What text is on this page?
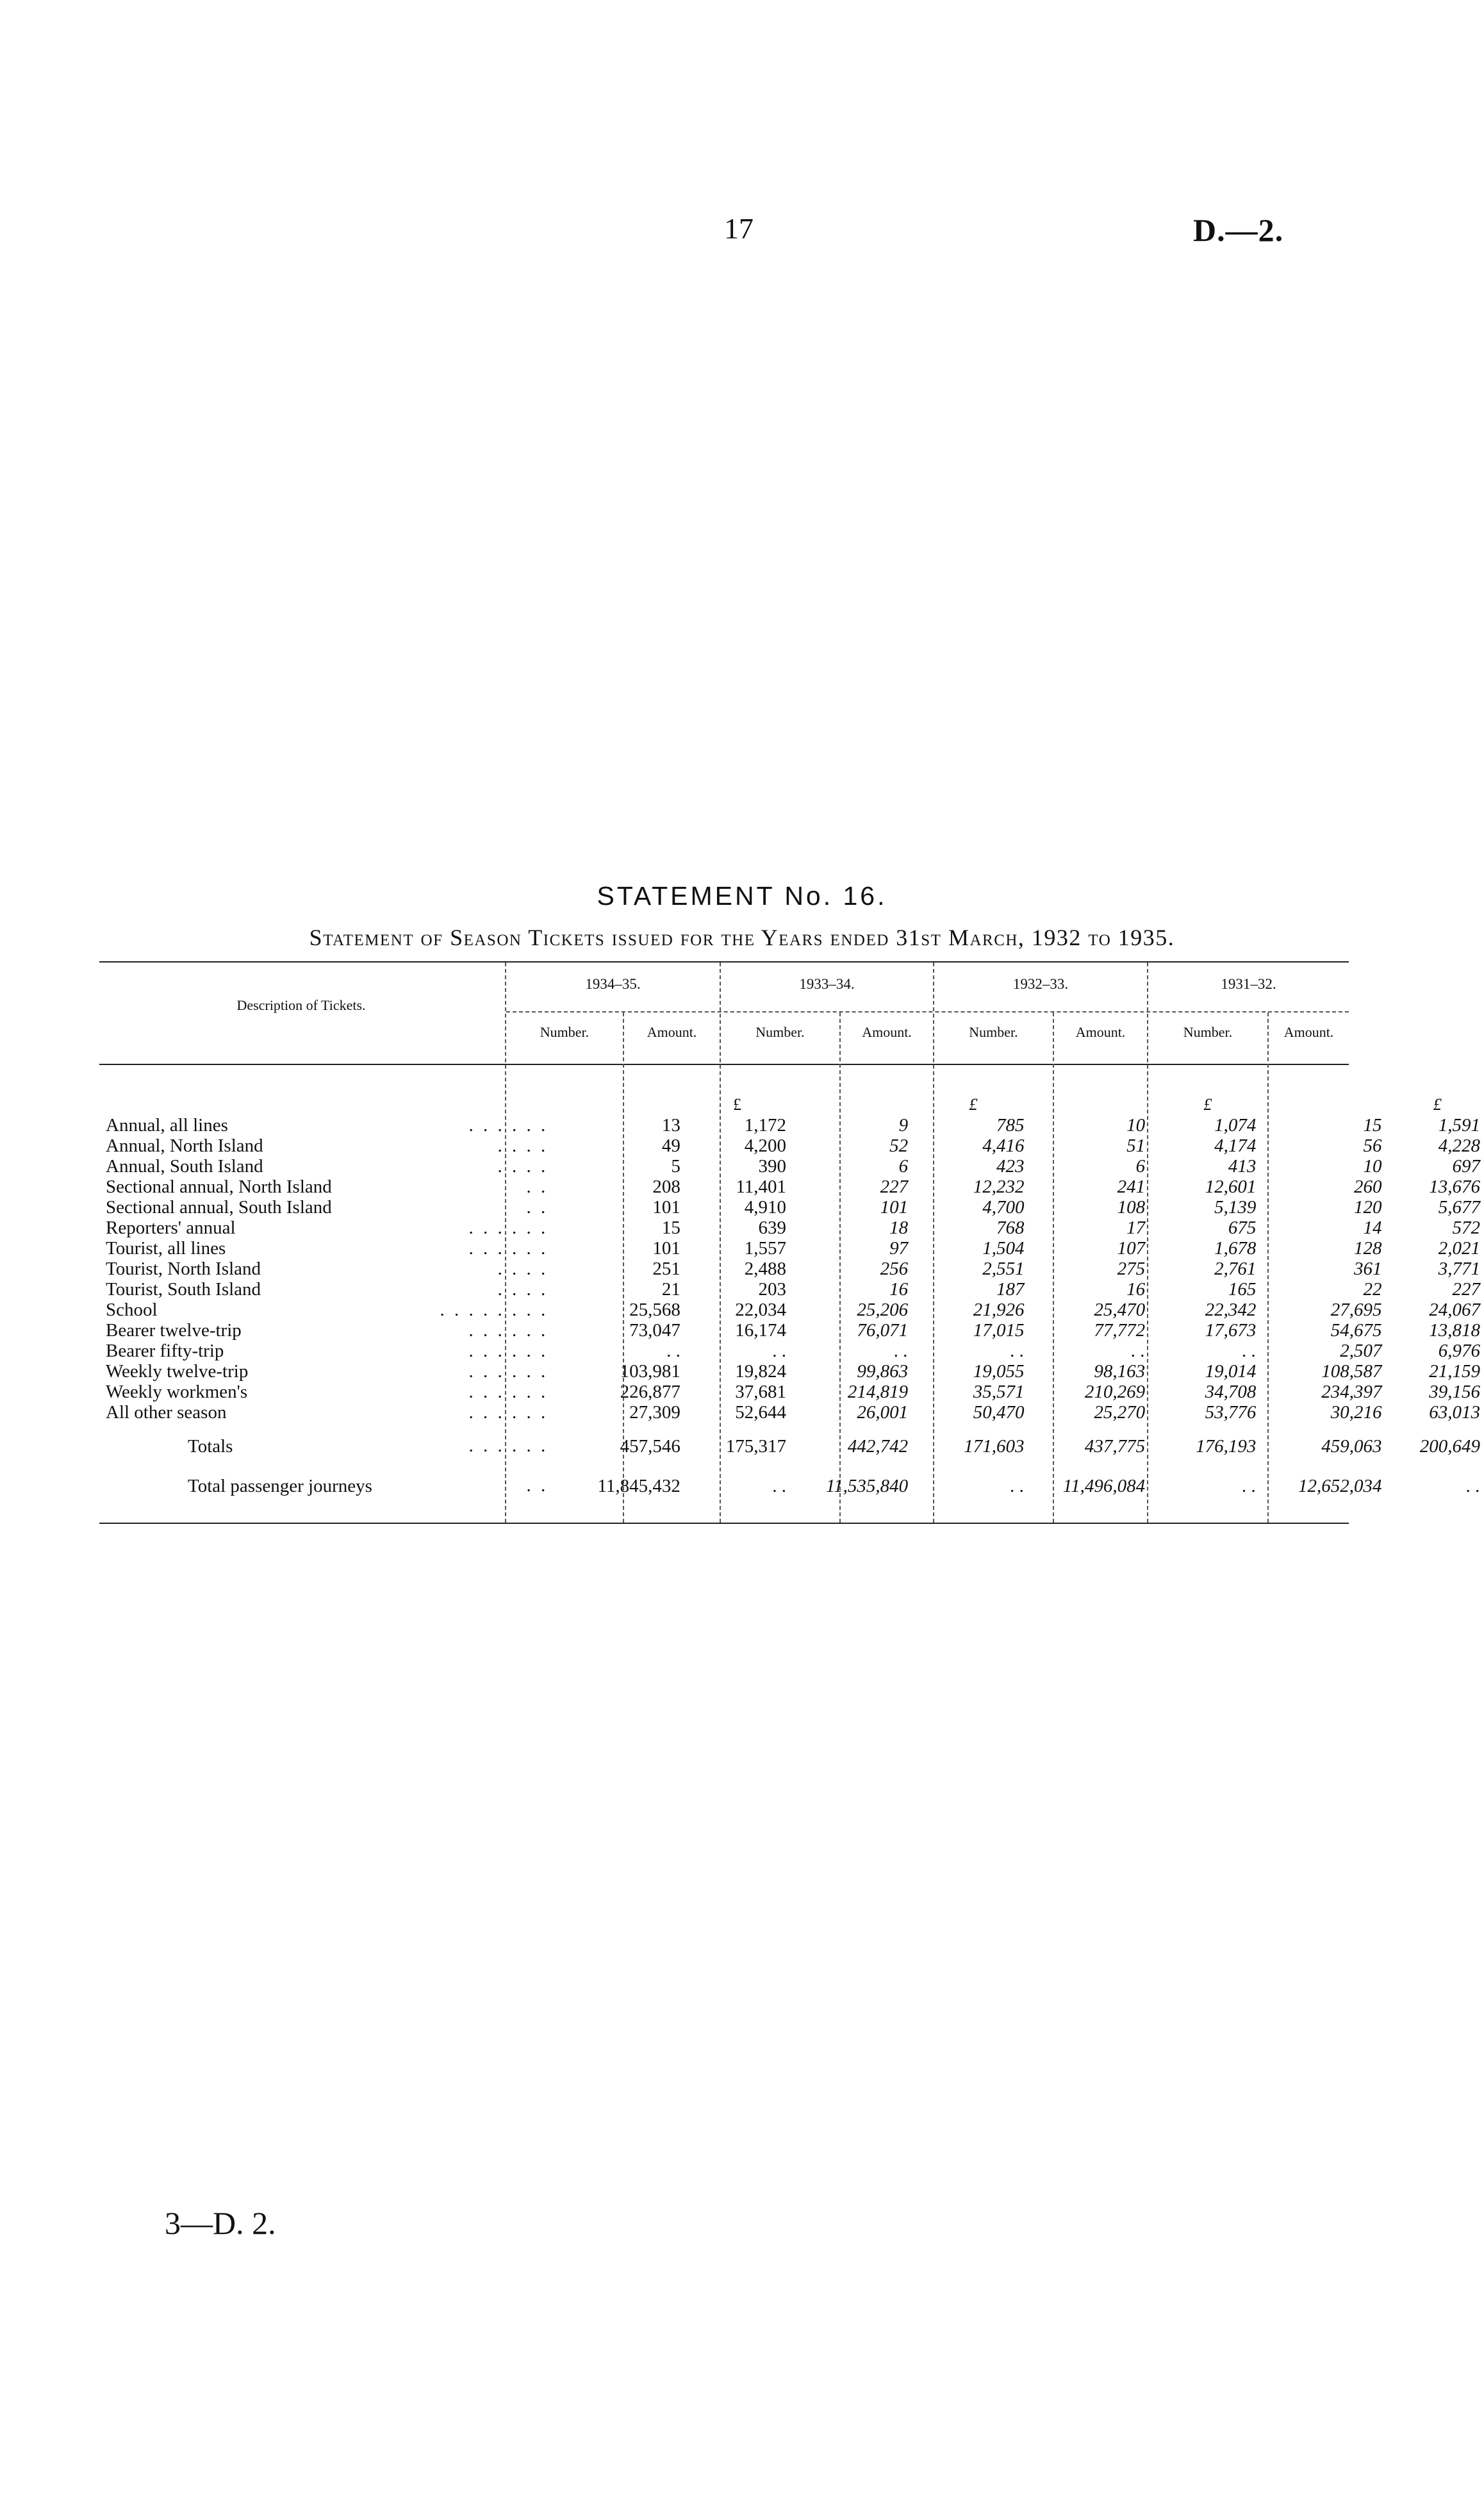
17	D.—2.
STATEMENT No. 16.
Statement of Season Tickets issued for the Years ended 31st March, 1932 to 1935.
Description of Tickets.
1934–35.	1933–34.	1932–33.	1931–32.
Number.	Amount.	Number.	Amount.	Number.	Amount.	Number.	Amount.
		£		£		£		£
Annual, all lines . . . . . .	13	1,172	9	785	10	1,074	15	1,591
Annual, North Island . . . .	49	4,200	52	4,416	51	4,174	56	4,228
Annual, South Island . . . .	5	390	6	423	6	413	10	697
Sectional annual, North Island . .	208	11,401	227	12,232	241	12,601	260	13,676
Sectional annual, South Island . .	101	4,910	101	4,700	108	5,139	120	5,677
Reporters' annual . . . . . .	15	639	18	768	17	675	14	572
Tourist, all lines . . . . . .	101	1,557	97	1,504	107	1,678	128	2,021
Tourist, North Island . . . .	251	2,488	256	2,551	275	2,761	361	3,771
Tourist, South Island . . . .	21	203	16	187	16	165	22	227
School . . . . . . . .	25,568	22,034	25,206	21,926	25,470	22,342	27,695	24,067
Bearer twelve-trip . . . . . .	73,047	16,174	76,071	17,015	77,772	17,673	54,675	13,818
Bearer fifty-trip . . . . . .	. .	. .	. .	. .	. .	. .	2,507	6,976
Weekly twelve-trip . . . . . .	103,981	19,824	99,863	19,055	98,163	19,014	108,587	21,159
Weekly workmen's . . . . . .	226,877	37,681	214,819	35,571	210,269	34,708	234,397	39,156
All other season . . . . . .	27,309	52,644	26,001	50,470	25,270	53,776	30,216	63,013

Totals . . . . . .	457,546	175,317	442,742	171,603	437,775	176,193	459,063	200,649

Total passenger journeys . .	11,845,432	. .	11,535,840	. .	11,496,084	. .	12,652,034	. .
3—D. 2.
